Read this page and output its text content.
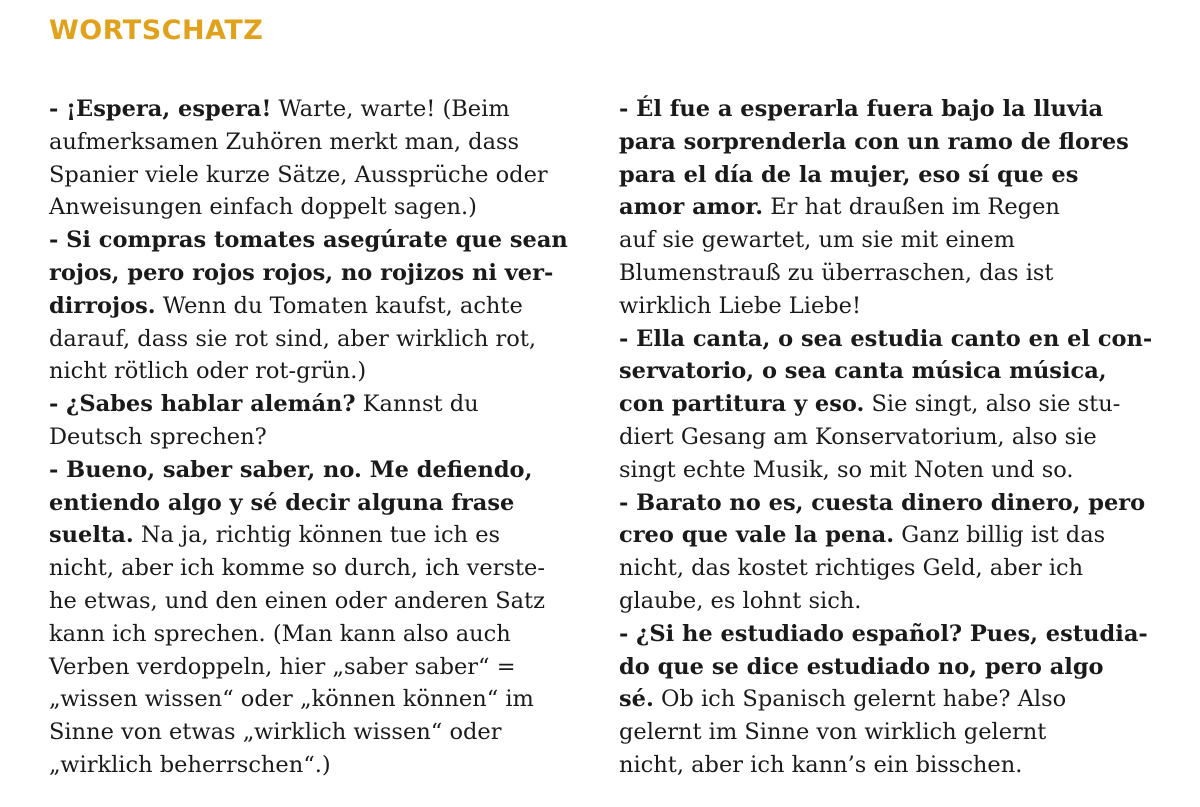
WORTSCHATZ
- ¡Espera, espera! Warte, warte! (Beim
aufmerksamen Zuhören merkt man, dass
Spanier viele kurze Sätze, Aussprüche oder
Anweisungen einfach doppelt sagen.)
- Si compras tomates asegúrate que sean
rojos, pero rojos rojos, no rojizos ni ver-
dirrojos. Wenn du Tomaten kaufst, achte
darauf, dass sie rot sind, aber wirklich rot,
nicht rötlich oder rot-grün.)
- ¿Sabes hablar alemán? Kannst du
Deutsch sprechen?
- Bueno, saber saber, no. Me defiendo,
entiendo algo y sé decir alguna frase
suelta. Na ja, richtig können tue ich es
nicht, aber ich komme so durch, ich verste-
he etwas, und den einen oder anderen Satz
kann ich sprechen. (Man kann also auch
Verben verdoppeln, hier „saber saber“ =
„wissen wissen“ oder „können können“ im
Sinne von etwas „wirklich wissen“ oder
„wirklich beherrschen“.)
- Él fue a esperarla fuera bajo la lluvia
para sorprenderla con un ramo de flores
para el día de la mujer, eso sí que es
amor amor. Er hat draußen im Regen
auf sie gewartet, um sie mit einem
Blumenstrauß zu überraschen, das ist
wirklich Liebe Liebe!
- Ella canta, o sea estudia canto en el con-
servatorio, o sea canta música música,
con partitura y eso. Sie singt, also sie stu-
diert Gesang am Konservatorium, also sie
singt echte Musik, so mit Noten und so.
- Barato no es, cuesta dinero dinero, pero
creo que vale la pena. Ganz billig ist das
nicht, das kostet richtiges Geld, aber ich
glaube, es lohnt sich.
- ¿Si he estudiado español? Pues, estudia-
do que se dice estudiado no, pero algo
sé. Ob ich Spanisch gelernt habe? Also
gelernt im Sinne von wirklich gelernt
nicht, aber ich kann’s ein bisschen.
